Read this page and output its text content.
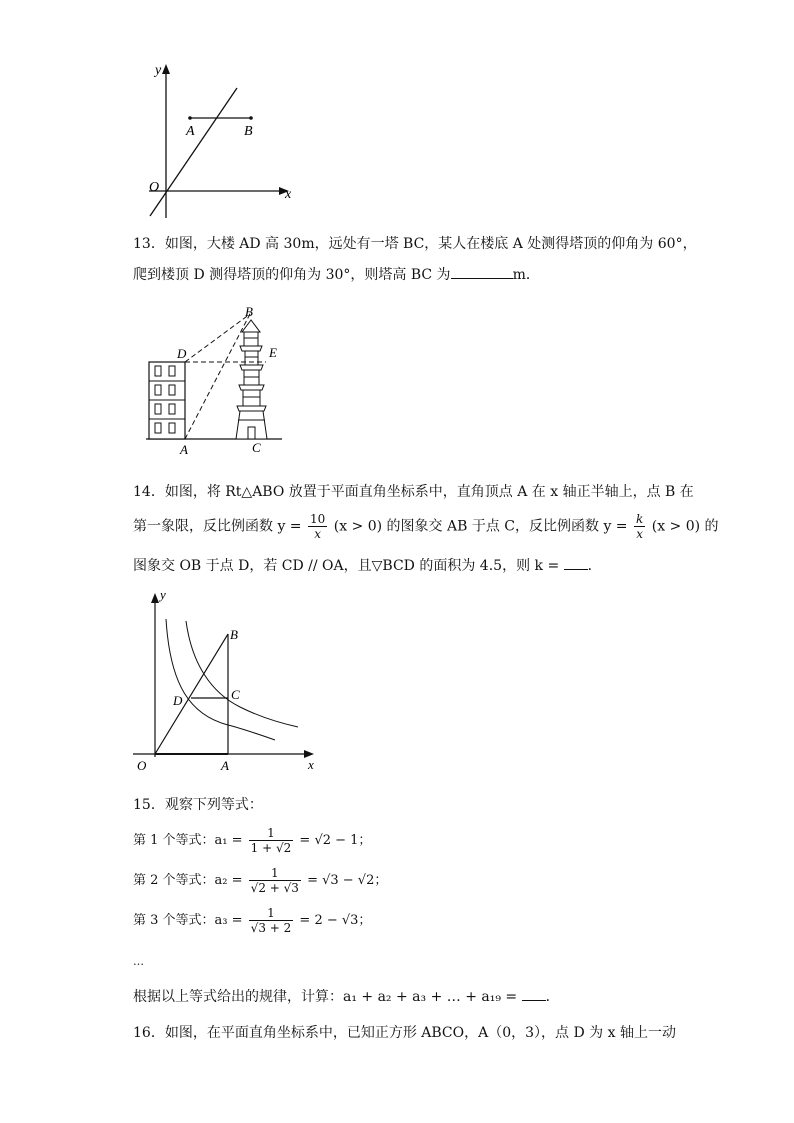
y
x
O
A	B
13．如图，大楼 AD 高 30m，远处有一塔 BC，某人在楼底 A 处测得塔顶的仰角为 60°，
爬到楼顶 D 测得塔顶的仰角为 30°，则塔高 BC 为	m．
B
D	E
A	C
14．如图，将 Rt△ABO 放置于平面直角坐标系中，直角顶点 A 在 x 轴正半轴上，点 B 在
第一象限，反比例函数 $y = \frac{10}{x} (x > 0)$ 的图象交 AB 于点 C，反比例函数 $y = \frac{k}{x} (x > 0)$ 的
图象交 OB 于点 D，若 CD // OA，且▽BCD 的面积为 4.5，则 k = ．
y
x
O	A
B
C
D
15．观察下列等式：
第 1 个等式：$a_1 = \frac{1}{1 + √2} = √2 - 1$；
第 2 个等式：$a_2 = \frac{1}{√2 + √3} = √3 - √2$；
第 3 个等式：$a_3 = \frac{1}{√3 + 2} = 2 - √3$；
…
根据以上等式给出的规律，计算：a₁ + a₂ + a₃ + … + a₁₉ = ．
16．如图，在平面直角坐标系中，已知正方形 ABCO，A（0，3），点 D 为 x 轴上一动
